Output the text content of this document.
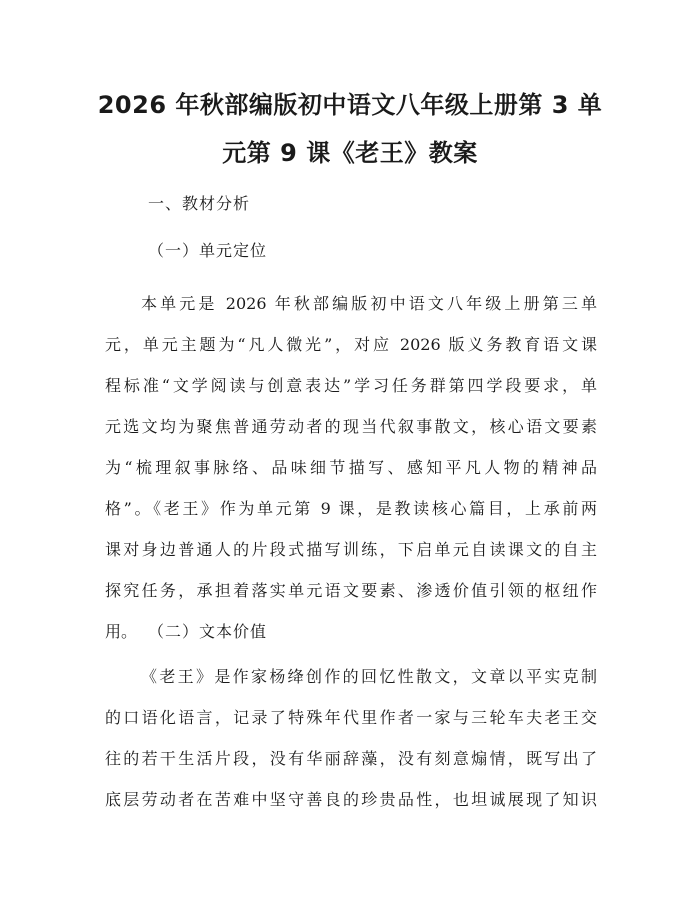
2026 年秋部编版初中语文八年级上册第 3 单
元第 9 课《老王》教案

一、教材分析

（一）单元定位

本单元是 2026 年秋部编版初中语文八年级上册第三单
元，单元主题为“凡人微光”，对应 2026 版义务教育语文课
程标准“文学阅读与创意表达”学习任务群第四学段要求，单
元选文均为聚焦普通劳动者的现当代叙事散文，核心语文要素
为“梳理叙事脉络、品味细节描写、感知平凡人物的精神品
格”。《老王》作为单元第 9 课，是教读核心篇目，上承前两
课对身边普通人的片段式描写训练，下启单元自读课文的自主
探究任务，承担着落实单元语文要素、渗透价值引领的枢纽作
用。 （二）文本价值

《老王》是作家杨绛创作的回忆性散文，文章以平实克制
的口语化语言，记录了特殊年代里作者一家与三轮车夫老王交
往的若干生活片段，没有华丽辞藻，没有刻意煽情，既写出了
底层劳动者在苦难中坚守善良的珍贵品性，也坦诚展现了知识
